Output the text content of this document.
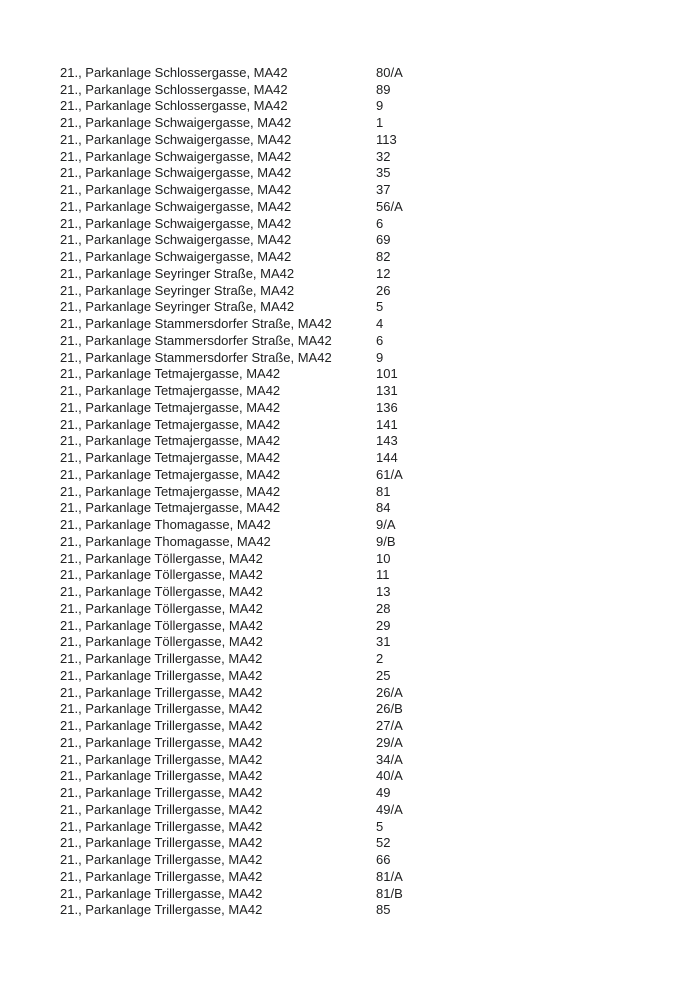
21., Parkanlage Schlossergasse, MA42	80/A
21., Parkanlage Schlossergasse, MA42	89
21., Parkanlage Schlossergasse, MA42	9
21., Parkanlage Schwaigergasse, MA42	1
21., Parkanlage Schwaigergasse, MA42	113
21., Parkanlage Schwaigergasse, MA42	32
21., Parkanlage Schwaigergasse, MA42	35
21., Parkanlage Schwaigergasse, MA42	37
21., Parkanlage Schwaigergasse, MA42	56/A
21., Parkanlage Schwaigergasse, MA42	6
21., Parkanlage Schwaigergasse, MA42	69
21., Parkanlage Schwaigergasse, MA42	82
21., Parkanlage Seyringer Straße, MA42	12
21., Parkanlage Seyringer Straße, MA42	26
21., Parkanlage Seyringer Straße, MA42	5
21., Parkanlage Stammersdorfer Straße, MA42	4
21., Parkanlage Stammersdorfer Straße, MA42	6
21., Parkanlage Stammersdorfer Straße, MA42	9
21., Parkanlage Tetmajergasse, MA42	101
21., Parkanlage Tetmajergasse, MA42	131
21., Parkanlage Tetmajergasse, MA42	136
21., Parkanlage Tetmajergasse, MA42	141
21., Parkanlage Tetmajergasse, MA42	143
21., Parkanlage Tetmajergasse, MA42	144
21., Parkanlage Tetmajergasse, MA42	61/A
21., Parkanlage Tetmajergasse, MA42	81
21., Parkanlage Tetmajergasse, MA42	84
21., Parkanlage Thomagasse, MA42	9/A
21., Parkanlage Thomagasse, MA42	9/B
21., Parkanlage Töllergasse, MA42	10
21., Parkanlage Töllergasse, MA42	11
21., Parkanlage Töllergasse, MA42	13
21., Parkanlage Töllergasse, MA42	28
21., Parkanlage Töllergasse, MA42	29
21., Parkanlage Töllergasse, MA42	31
21., Parkanlage Trillergasse, MA42	2
21., Parkanlage Trillergasse, MA42	25
21., Parkanlage Trillergasse, MA42	26/A
21., Parkanlage Trillergasse, MA42	26/B
21., Parkanlage Trillergasse, MA42	27/A
21., Parkanlage Trillergasse, MA42	29/A
21., Parkanlage Trillergasse, MA42	34/A
21., Parkanlage Trillergasse, MA42	40/A
21., Parkanlage Trillergasse, MA42	49
21., Parkanlage Trillergasse, MA42	49/A
21., Parkanlage Trillergasse, MA42	5
21., Parkanlage Trillergasse, MA42	52
21., Parkanlage Trillergasse, MA42	66
21., Parkanlage Trillergasse, MA42	81/A
21., Parkanlage Trillergasse, MA42	81/B
21., Parkanlage Trillergasse, MA42	85
